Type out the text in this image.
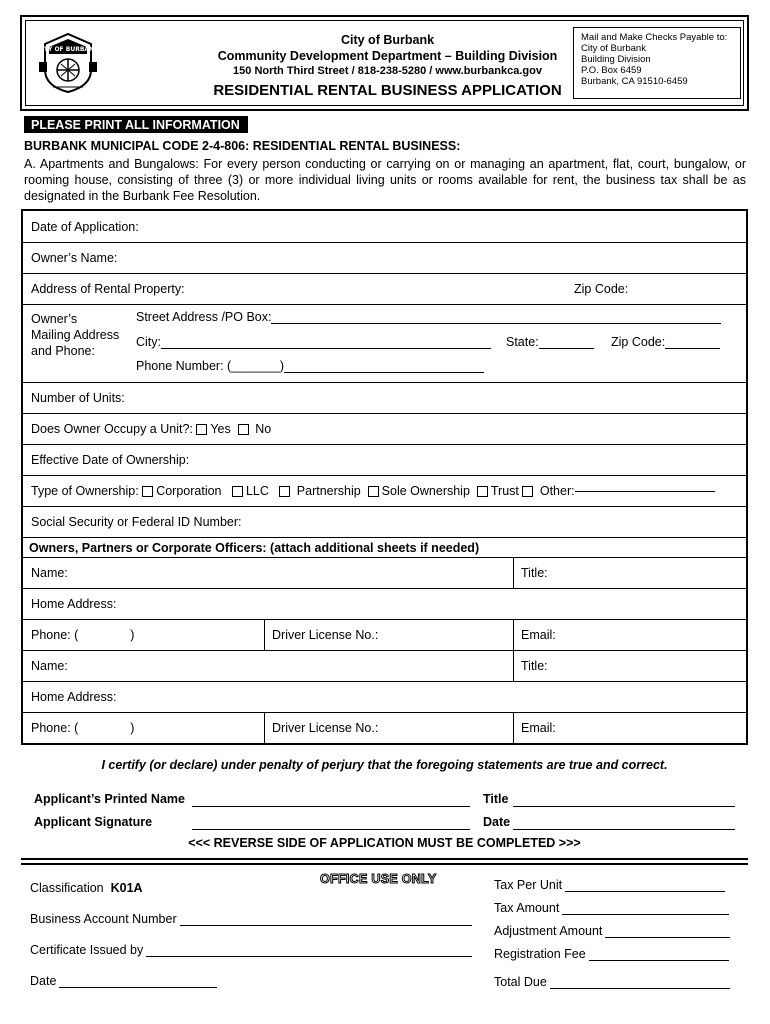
CITY OF BURBANK
City of Burbank
Community Development Department – Building Division
150 North Third Street / 818-238-5280 / www.burbankca.gov
RESIDENTIAL RENTAL BUSINESS APPLICATION
Mail and Make Checks Payable to:
City of Burbank
Building Division
P.O. Box 6459
Burbank, CA 91510-6459
PLEASE PRINT ALL INFORMATION
BURBANK MUNICIPAL CODE 2-4-806: RESIDENTIAL RENTAL BUSINESS:
A. Apartments and Bungalows: For every person conducting or carrying on or managing an apartment, flat, court, bungalow, or rooming house, consisting of three (3) or more individual living units or rooms available for rent, the business tax shall be as designated in the Burbank Fee Resolution.
Date of Application:
Owner’s Name:
Address of Rental Property:	Zip Code:
Owner’s
Mailing Address
and Phone:
Street Address /PO Box:
City:	State:	Zip Code:
Phone Number: (_______)
Number of Units:
Does Owner Occupy a Unit?:
Yes

No
Effective Date of Ownership:
Type of Ownership:
Corporation
LLC

Partnership
Sole Ownership
Trust

Other:
Social Security or Federal ID Number:
Owners, Partners or Corporate Officers: (attach additional sheets if needed)
Name:	Title:
Home Address:
Phone: (	)	Driver License No.:	Email:
Name:	Title:
Home Address:
Phone: (	)	Driver License No.:	Email:
I certify (or declare) under penalty of perjury that the foregoing statements are true and correct.
Applicant’s Printed Name	Title
Applicant Signature	Date
<<< REVERSE SIDE OF APPLICATION MUST BE COMPLETED >>>
OFFICE USE ONLY
Classification K01A
Business Account Number
Certificate Issued by
Date
Tax Per Unit
Tax Amount
Adjustment Amount
Registration Fee
Total Due
